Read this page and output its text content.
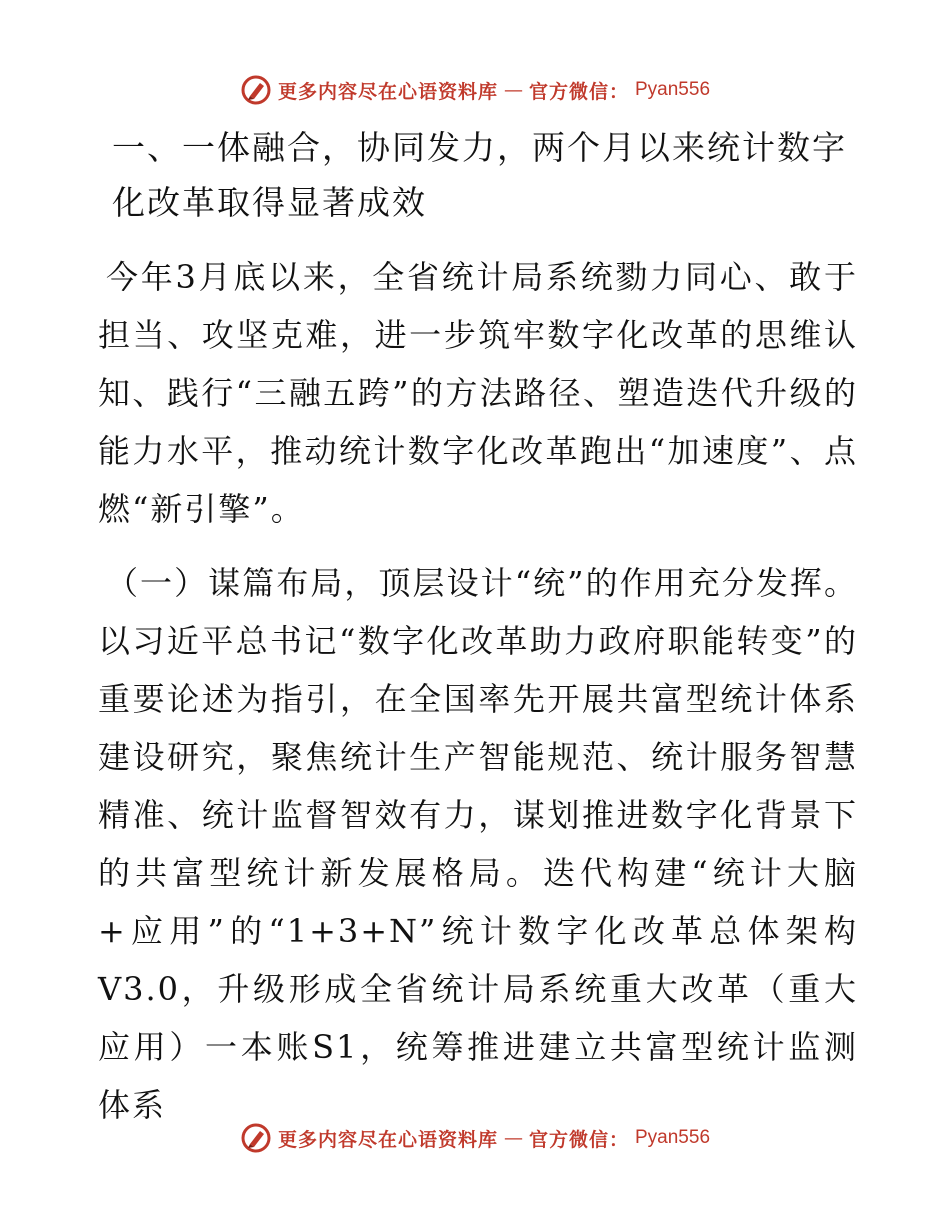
更多内容尽在心语资料库 — 官方微信： Pyan556
一、一体融合，协同发力，两个月以来统计数字化改革取得显著成效

今年3月底以来，全省统计局系统勠力同心、敢于担当、攻坚克难，进一步筑牢数字化改革的思维认知、践行“三融五跨”的方法路径、塑造迭代升级的能力水平，推动统计数字化改革跑出“加速度”、点燃“新引擎”。

（一）谋篇布局，顶层设计“统”的作用充分发挥。以习近平总书记“数字化改革助力政府职能转变”的重要论述为指引，在全国率先开展共富型统计体系建设研究，聚焦统计生产智能规范、统计服务智慧精准、统计监督智效有力，谋划推进数字化背景下的共富型统计新发展格局。迭代构建“统计大脑+应用”的“1+3+N”统计数字化改革总体架构V3.0，升级形成全省统计局系统重大改革（重大应用）一本账S1，统筹推进建立共富型统计监测体系

更多内容尽在心语资料库 — 官方微信： Pyan556
